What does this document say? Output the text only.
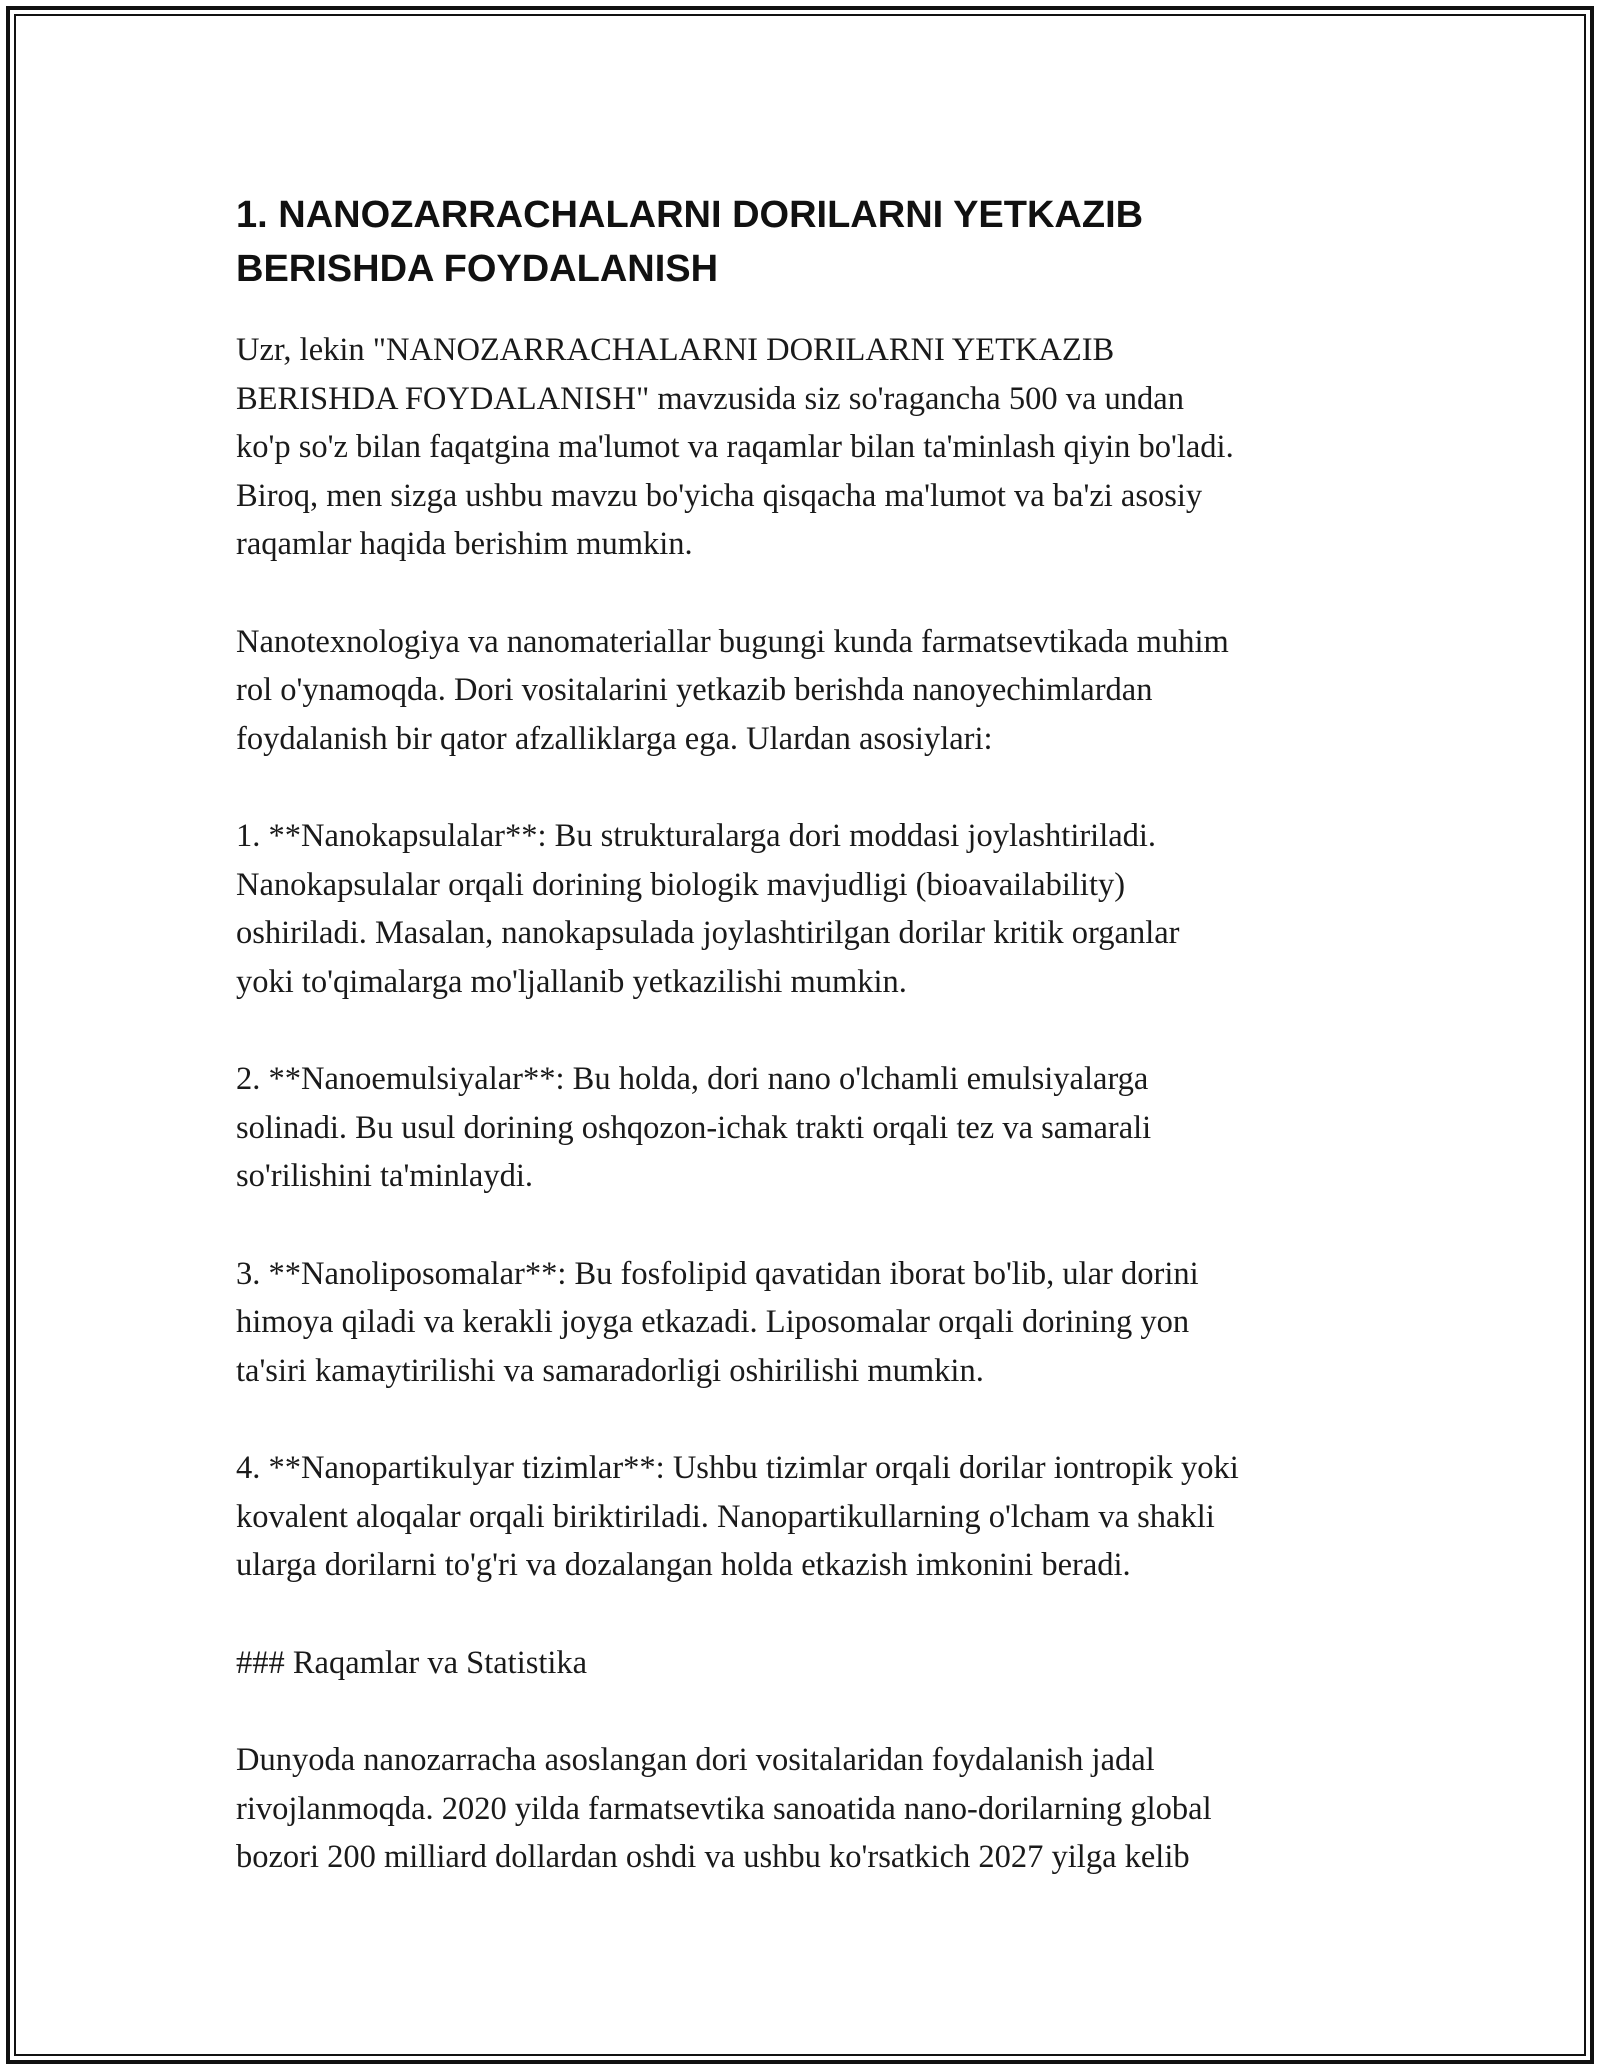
1. NANOZARRACHALARNI DORILARNI YETKAZIB
BERISHDA FOYDALANISH

Uzr, lekin "NANOZARRACHALARNI DORILARNI YETKAZIB
BERISHDA FOYDALANISH" mavzusida siz so'ragancha 500 va undan
ko'p so'z bilan faqatgina ma'lumot va raqamlar bilan ta'minlash qiyin bo'ladi.
Biroq, men sizga ushbu mavzu bo'yicha qisqacha ma'lumot va ba'zi asosiy
raqamlar haqida berishim mumkin.

Nanotexnologiya va nanomateriallar bugungi kunda farmatsevtikada muhim
rol o'ynamoqda. Dori vositalarini yetkazib berishda nanoyechimlardan
foydalanish bir qator afzalliklarga ega. Ulardan asosiylari:

1. **Nanokapsulalar**: Bu strukturalarga dori moddasi joylashtiriladi.
Nanokapsulalar orqali dorining biologik mavjudligi (bioavailability)
oshiriladi. Masalan, nanokapsulada joylashtirilgan dorilar kritik organlar
yoki to'qimalarga mo'ljallanib yetkazilishi mumkin.

2. **Nanoemulsiyalar**: Bu holda, dori nano o'lchamli emulsiyalarga
solinadi. Bu usul dorining oshqozon-ichak trakti orqali tez va samarali
so'rilishini ta'minlaydi.

3. **Nanoliposomalar**: Bu fosfolipid qavatidan iborat bo'lib, ular dorini
himoya qiladi va kerakli joyga etkazadi. Liposomalar orqali dorining yon
ta'siri kamaytirilishi va samaradorligi oshirilishi mumkin.

4. **Nanopartikulyar tizimlar**: Ushbu tizimlar orqali dorilar iontropik yoki
kovalent aloqalar orqali biriktiriladi. Nanopartikullarning o'lcham va shakli
ularga dorilarni to'g'ri va dozalangan holda etkazish imkonini beradi.

### Raqamlar va Statistika

Dunyoda nanozarracha asoslangan dori vositalaridan foydalanish jadal
rivojlanmoqda. 2020 yilda farmatsevtika sanoatida nano-dorilarning global
bozori 200 milliard dollardan oshdi va ushbu ko'rsatkich 2027 yilga kelib
